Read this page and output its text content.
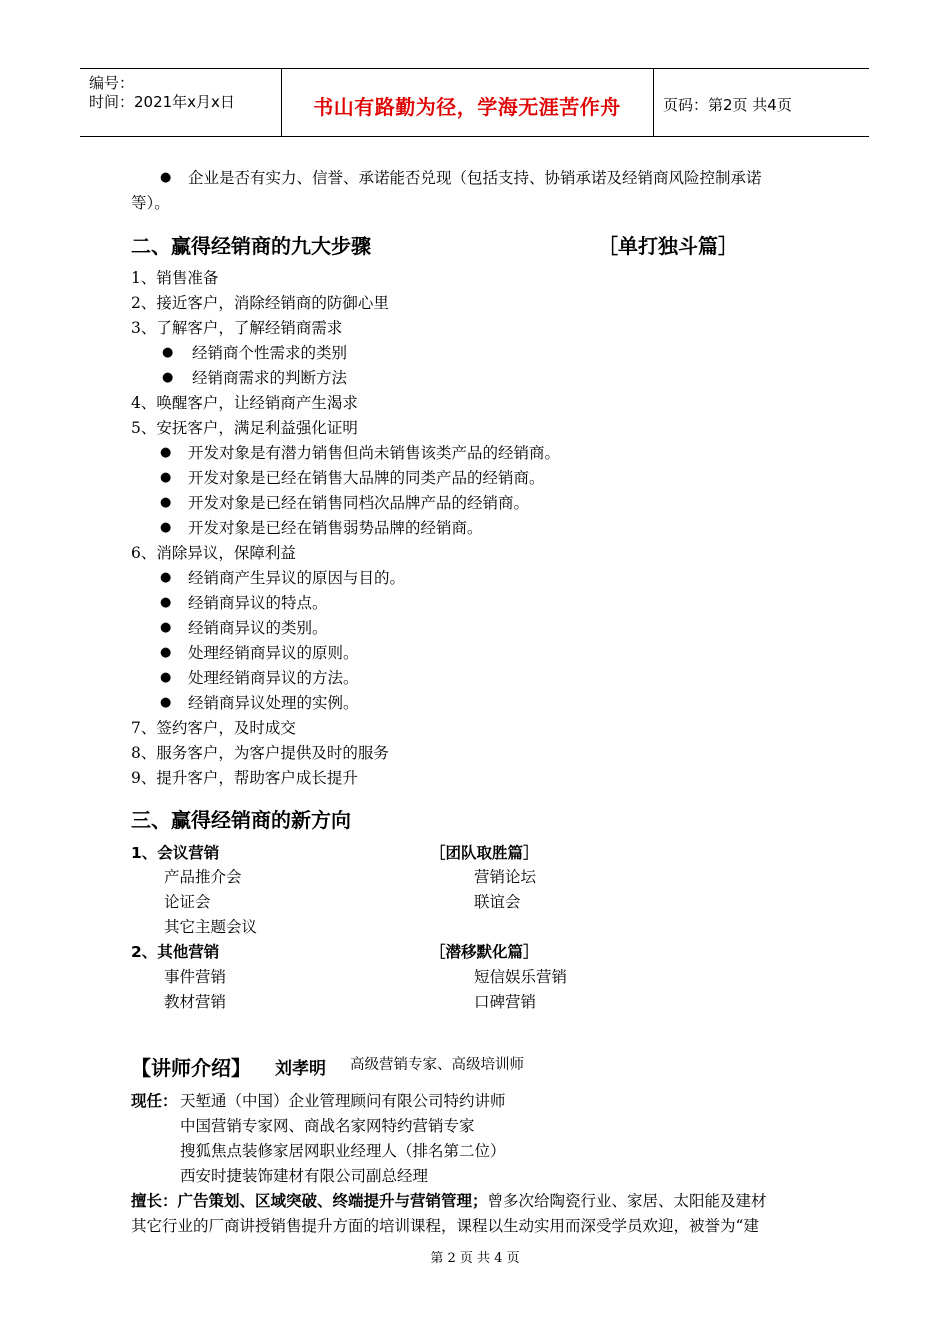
编号：
时间：2021年x月x日	书山有路勤为径，学海无涯苦作舟	页码：第2页 共4页
● 企业是否有实力、信誉、承诺能否兑现（包括支持、协销承诺及经销商风险控制承诺
等）。
二、赢得经销商的九大步骤	［单打独斗篇］
1、销售准备
2、接近客户，消除经销商的防御心里
3、了解客户，了解经销商需求
● 经销商个性需求的类别
● 经销商需求的判断方法
4、唤醒客户，让经销商产生渴求
5、安抚客户，满足利益强化证明
● 开发对象是有潜力销售但尚未销售该类产品的经销商。
● 开发对象是已经在销售大品牌的同类产品的经销商。
● 开发对象是已经在销售同档次品牌产品的经销商。
● 开发对象是已经在销售弱势品牌的经销商。
6、消除异议，保障利益
● 经销商产生异议的原因与目的。
● 经销商异议的特点。
● 经销商异议的类别。
● 处理经销商异议的原则。
● 处理经销商异议的方法。
● 经销商异议处理的实例。
7、签约客户，及时成交
8、服务客户，为客户提供及时的服务
9、提升客户，帮助客户成长提升
三、赢得经销商的新方向
1、会议营销	［团队取胜篇］
产品推介会	营销论坛
论证会	联谊会
其它主题会议
2、其他营销	［潜移默化篇］
事件营销	短信娱乐营销
教材营销	口碑营销
【讲师介绍】 刘孝明 高级营销专家、高级培训师
现任： 天堑通（中国）企业管理顾问有限公司特约讲师
中国营销专家网、商战名家网特约营销专家
搜狐焦点装修家居网职业经理人（排名第二位）
西安时捷装饰建材有限公司副总经理
擅长：广告策划、区域突破、终端提升与营销管理；曾多次给陶瓷行业、家居、太阳能及建材
其它行业的厂商讲授销售提升方面的培训课程，课程以生动实用而深受学员欢迎，被誉为“建
第 2 页 共 4 页
